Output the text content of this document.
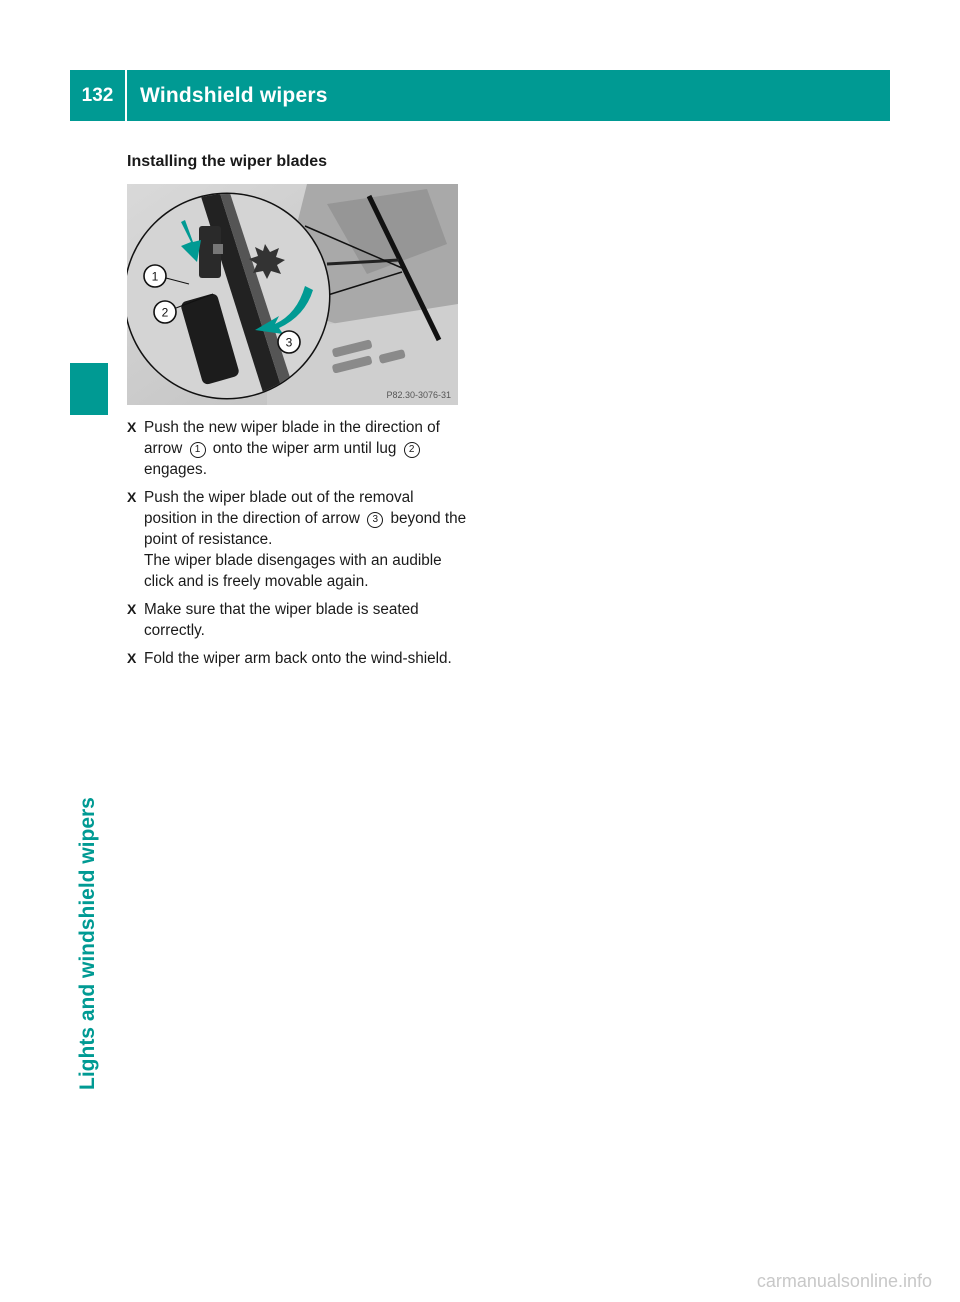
132	Windshield wipers
Lights and windshield wipers
Installing the wiper blades
1
2
3
P82.30-3076-31
X Push the new wiper blade in the direction of arrow 1 onto the wiper arm until lug 2 engages.
X Push the wiper blade out of the removal position in the direction of arrow 3 beyond the point of resistance.
The wiper blade disengages with an audible click and is freely movable again.
X Make sure that the wiper blade is seated correctly.
X Fold the wiper arm back onto the wind-shield.
carmanualsonline.info
